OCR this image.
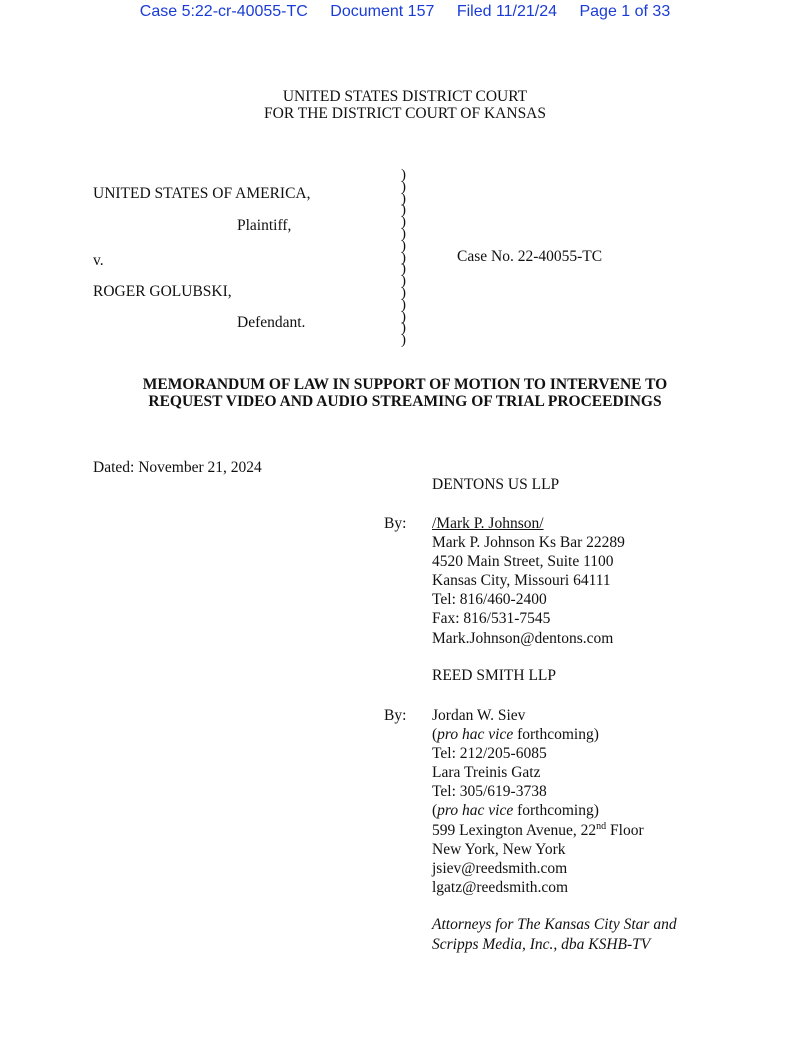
Case 5:22-cr-40055-TC Document 157 Filed 11/21/24 Page 1 of 33
UNITED STATES DISTRICT COURT
FOR THE DISTRICT COURT OF KANSAS
UNITED STATES OF AMERICA,
Plaintiff,
v.
ROGER GOLUBSKI,
Defendant.
)
)
)
)
)
)
)
)
)
)
)
)
)
)
)
Case No. 22-40055-TC
MEMORANDUM OF LAW IN SUPPORT OF MOTION TO INTERVENE TO
REQUEST VIDEO AND AUDIO STREAMING OF TRIAL PROCEEDINGS
Dated: November 21, 2024
DENTONS US LLP
By: /Mark P. Johnson/
Mark P. Johnson Ks Bar 22289
4520 Main Street, Suite 1100
Kansas City, Missouri 64111
Tel: 816/460-2400
Fax: 816/531-7545
Mark.Johnson@dentons.com
REED SMITH LLP
By: Jordan W. Siev
(pro hac vice forthcoming)
Tel: 212/205-6085
Lara Treinis Gatz
Tel: 305/619-3738
(pro hac vice forthcoming)
599 Lexington Avenue, 22nd Floor
New York, New York
jsiev@reedsmith.com
lgatz@reedsmith.com
Attorneys for The Kansas City Star and
Scripps Media, Inc., dba KSHB-TV
